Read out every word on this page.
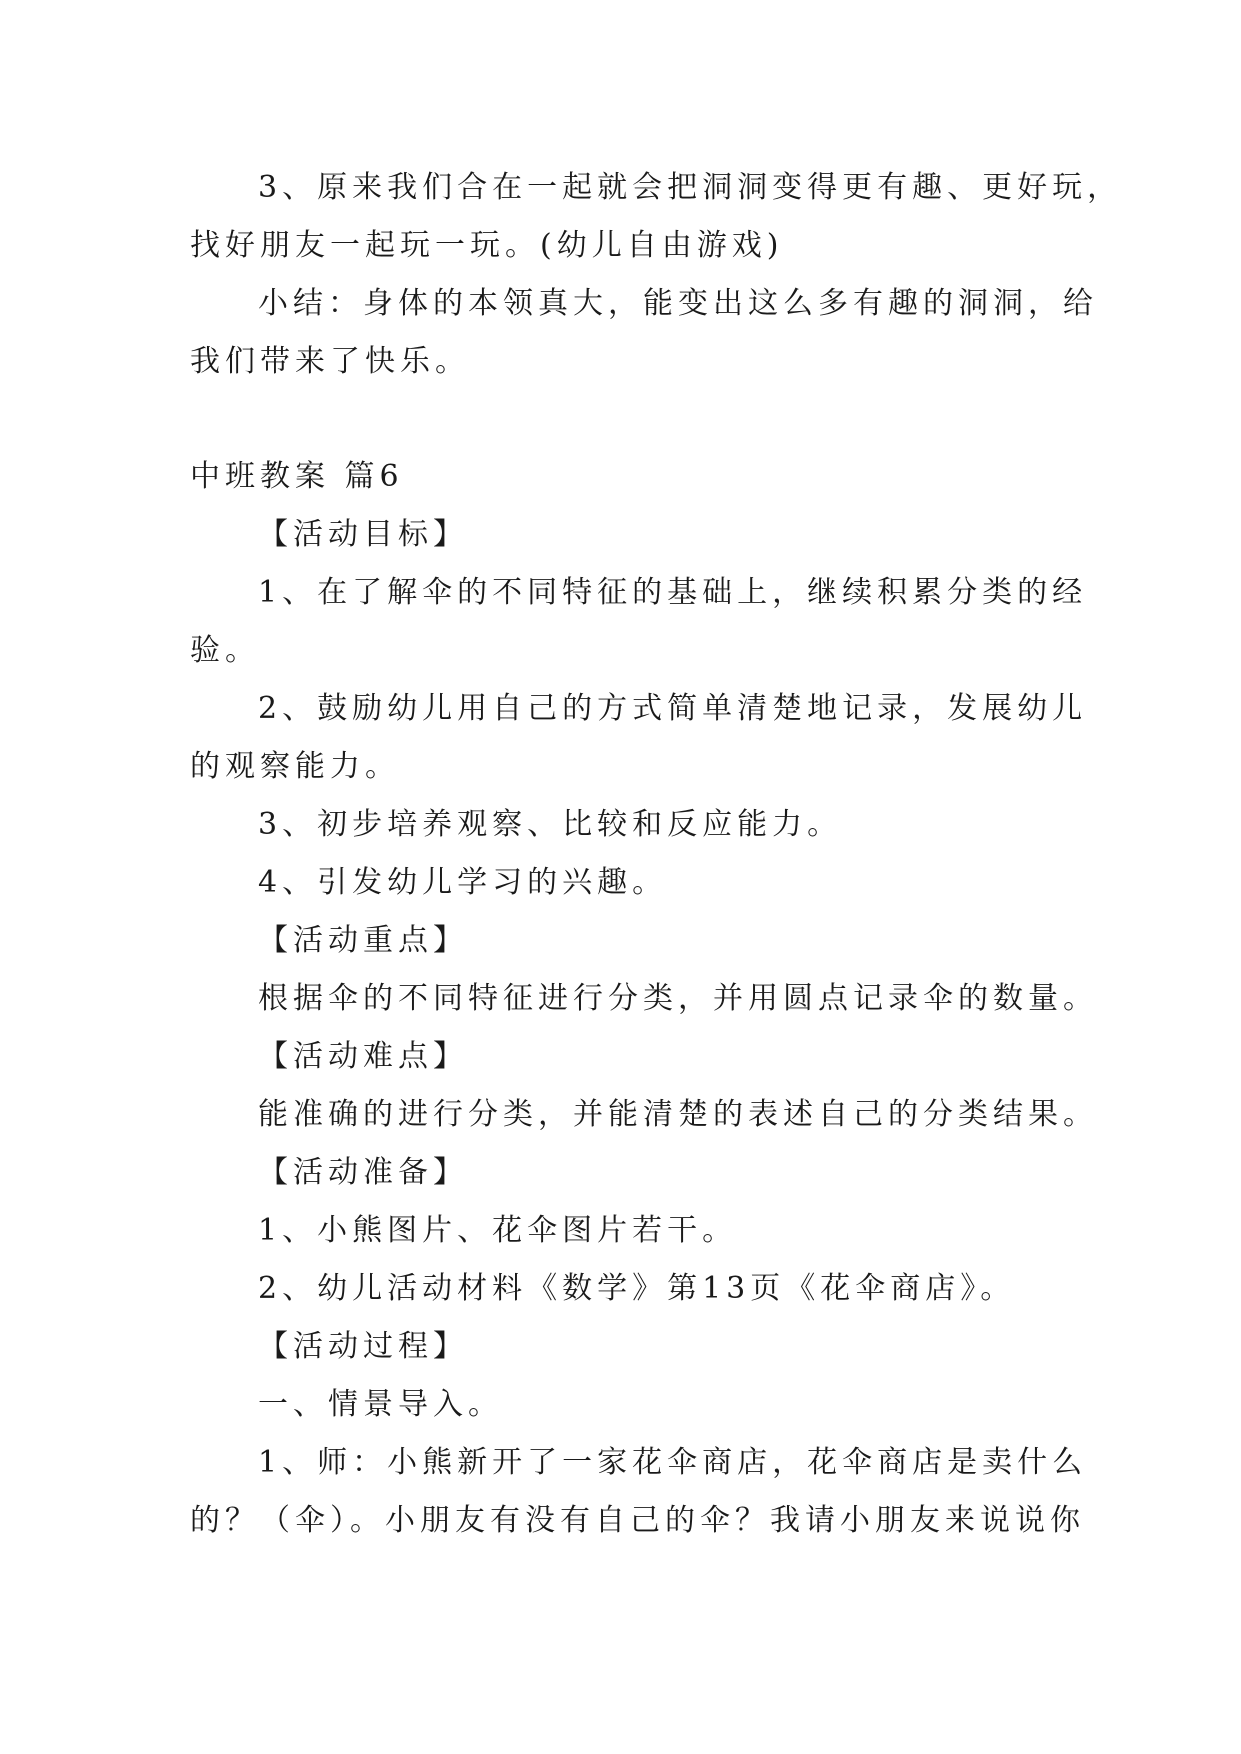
3、原来我们合在一起就会把洞洞变得更有趣、更好玩，
找好朋友一起玩一玩。(幼儿自由游戏)
小结：身体的本领真大，能变出这么多有趣的洞洞，给
我们带来了快乐。
中班教案 篇6
【活动目标】
1、在了解伞的不同特征的基础上，继续积累分类的经
验。
2、鼓励幼儿用自己的方式简单清楚地记录，发展幼儿
的观察能力。
3、初步培养观察、比较和反应能力。
4、引发幼儿学习的兴趣。
【活动重点】
根据伞的不同特征进行分类，并用圆点记录伞的数量。
【活动难点】
能准确的进行分类，并能清楚的表述自己的分类结果。
【活动准备】
1、小熊图片、花伞图片若干。
2、幼儿活动材料《数学》第13页《花伞商店》。
【活动过程】
一、情景导入。
1、师：小熊新开了一家花伞商店，花伞商店是卖什么
的？（伞）。小朋友有没有自己的伞？我请小朋友来说说你
